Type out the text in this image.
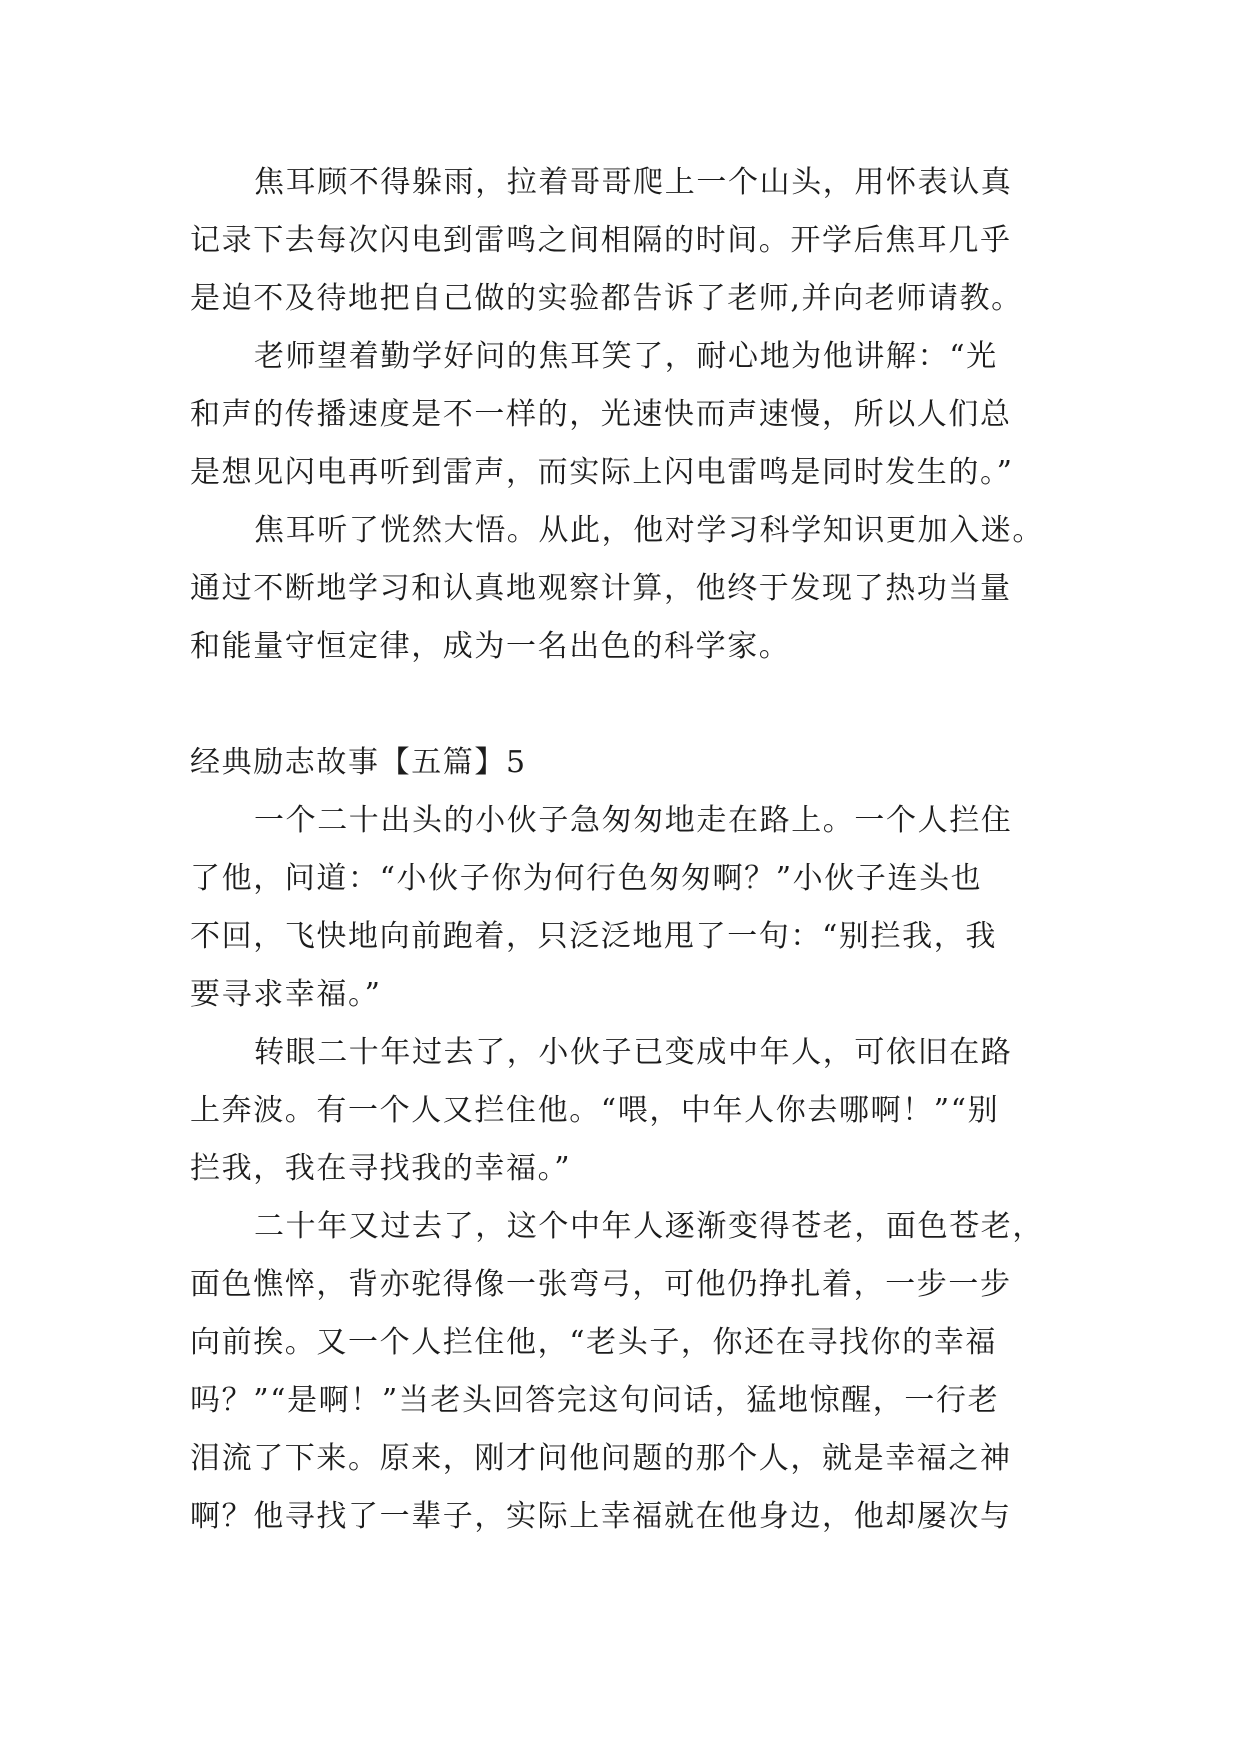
焦耳顾不得躲雨，拉着哥哥爬上一个山头，用怀表认真
记录下去每次闪电到雷鸣之间相隔的时间。开学后焦耳几乎
是迫不及待地把自己做的实验都告诉了老师,并向老师请教。
老师望着勤学好问的焦耳笑了，耐心地为他讲解：“光
和声的传播速度是不一样的，光速快而声速慢，所以人们总
是想见闪电再听到雷声，而实际上闪电雷鸣是同时发生的。”
焦耳听了恍然大悟。从此，他对学习科学知识更加入迷。
通过不断地学习和认真地观察计算，他终于发现了热功当量
和能量守恒定律，成为一名出色的科学家。
经典励志故事【五篇】5
一个二十出头的小伙子急匆匆地走在路上。一个人拦住
了他，问道：“小伙子你为何行色匆匆啊？”小伙子连头也
不回，飞快地向前跑着，只泛泛地甩了一句：“别拦我，我
要寻求幸福。”
转眼二十年过去了，小伙子已变成中年人，可依旧在路
上奔波。有一个人又拦住他。“喂，中年人你去哪啊！”“别
拦我，我在寻找我的幸福。”
二十年又过去了，这个中年人逐渐变得苍老，面色苍老，
面色憔悴，背亦驼得像一张弯弓，可他仍挣扎着，一步一步
向前挨。又一个人拦住他，“老头子，你还在寻找你的幸福
吗？”“是啊！”当老头回答完这句问话，猛地惊醒，一行老
泪流了下来。原来，刚才问他问题的那个人，就是幸福之神
啊？他寻找了一辈子，实际上幸福就在他身边，他却屡次与
